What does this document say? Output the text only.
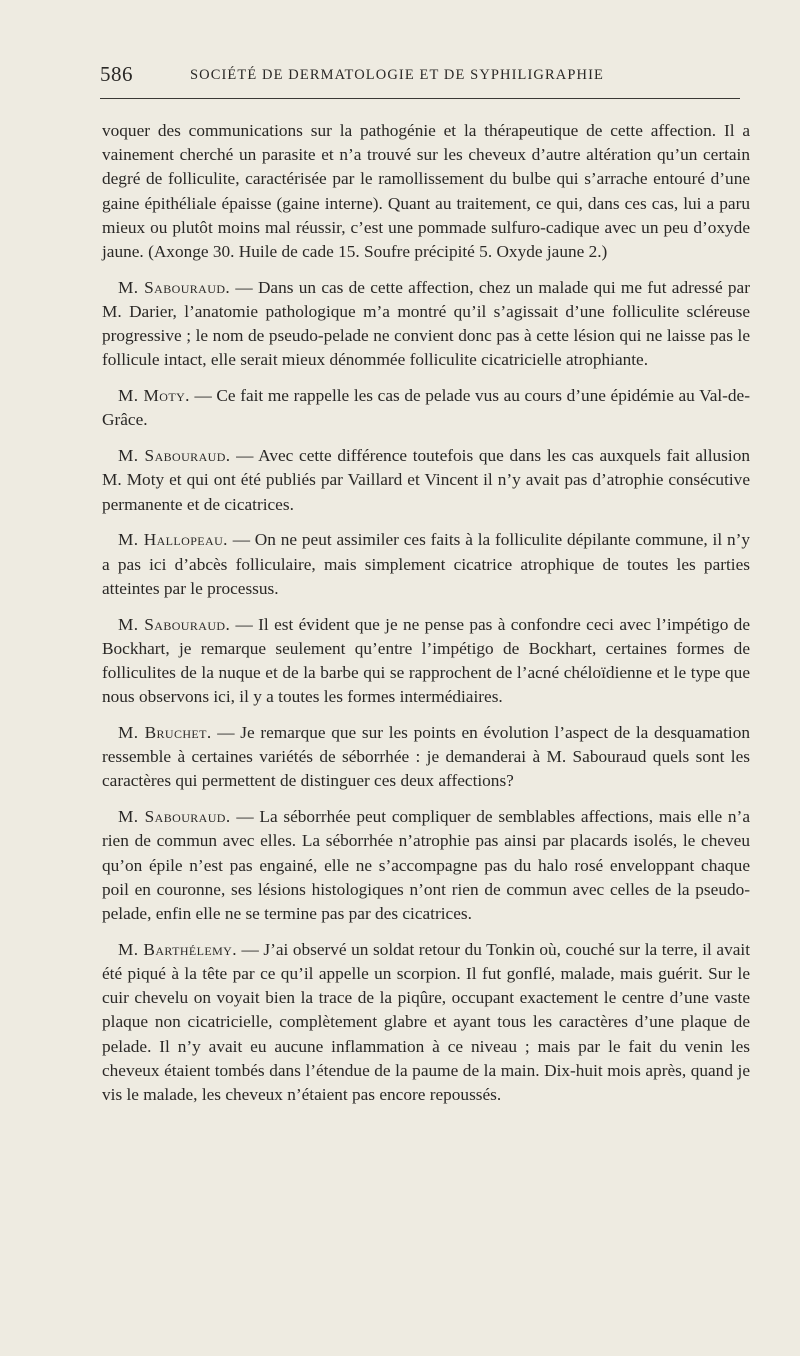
586	SOCIÉTÉ DE DERMATOLOGIE ET DE SYPHILIGRAPHIE

voquer des communications sur la pathogénie et la thérapeutique de cette affection. Il a vainement cherché un parasite et n’a trouvé sur les cheveux d’autre altération qu’un certain degré de folliculite, caractérisée par le ramollissement du bulbe qui s’arrache entouré d’une gaine épithéliale épaisse (gaine interne). Quant au traitement, ce qui, dans ces cas, lui a paru mieux ou plutôt moins mal réussir, c’est une pommade sulfuro-cadique avec un peu d’oxyde jaune. (Axonge 30. Huile de cade 15. Soufre précipité 5. Oxyde jaune 2.)

M. Sabouraud. — Dans un cas de cette affection, chez un malade qui me fut adressé par M. Darier, l’anatomie pathologique m’a montré qu’il s’agissait d’une folliculite scléreuse progressive ; le nom de pseudo-pelade ne convient donc pas à cette lésion qui ne laisse pas le follicule intact, elle serait mieux dénommée folliculite cicatricielle atrophiante.

M. Moty. — Ce fait me rappelle les cas de pelade vus au cours d’une épidémie au Val-de-Grâce.

M. Sabouraud. — Avec cette différence toutefois que dans les cas auxquels fait allusion M. Moty et qui ont été publiés par Vaillard et Vincent il n’y avait pas d’atrophie consécutive permanente et de cicatrices.

M. Hallopeau. — On ne peut assimiler ces faits à la folliculite dépilante commune, il n’y a pas ici d’abcès folliculaire, mais simplement cicatrice atrophique de toutes les parties atteintes par le processus.

M. Sabouraud. — Il est évident que je ne pense pas à confondre ceci avec l’impétigo de Bockhart, je remarque seulement qu’entre l’impétigo de Bockhart, certaines formes de folliculites de la nuque et de la barbe qui se rapprochent de l’acné chéloïdienne et le type que nous observons ici, il y a toutes les formes intermédiaires.

M. Bruchet. — Je remarque que sur les points en évolution l’aspect de la desquamation ressemble à certaines variétés de séborrhée : je demanderai à M. Sabouraud quels sont les caractères qui permettent de distinguer ces deux affections?

M. Sabouraud. — La séborrhée peut compliquer de semblables affections, mais elle n’a rien de commun avec elles. La séborrhée n’atrophie pas ainsi par placards isolés, le cheveu qu’on épile n’est pas engainé, elle ne s’accompagne pas du halo rosé enveloppant chaque poil en couronne, ses lésions histologiques n’ont rien de commun avec celles de la pseudo-pelade, enfin elle ne se termine pas par des cicatrices.

M. Barthélemy. — J’ai observé un soldat retour du Tonkin où, couché sur la terre, il avait été piqué à la tête par ce qu’il appelle un scorpion. Il fut gonflé, malade, mais guérit. Sur le cuir chevelu on voyait bien la trace de la piqûre, occupant exactement le centre d’une vaste plaque non cicatricielle, complètement glabre et ayant tous les caractères d’une plaque de pelade. Il n’y avait eu aucune inflammation à ce niveau ; mais par le fait du venin les cheveux étaient tombés dans l’étendue de la paume de la main. Dix-huit mois après, quand je vis le malade, les cheveux n’étaient pas encore repoussés.
